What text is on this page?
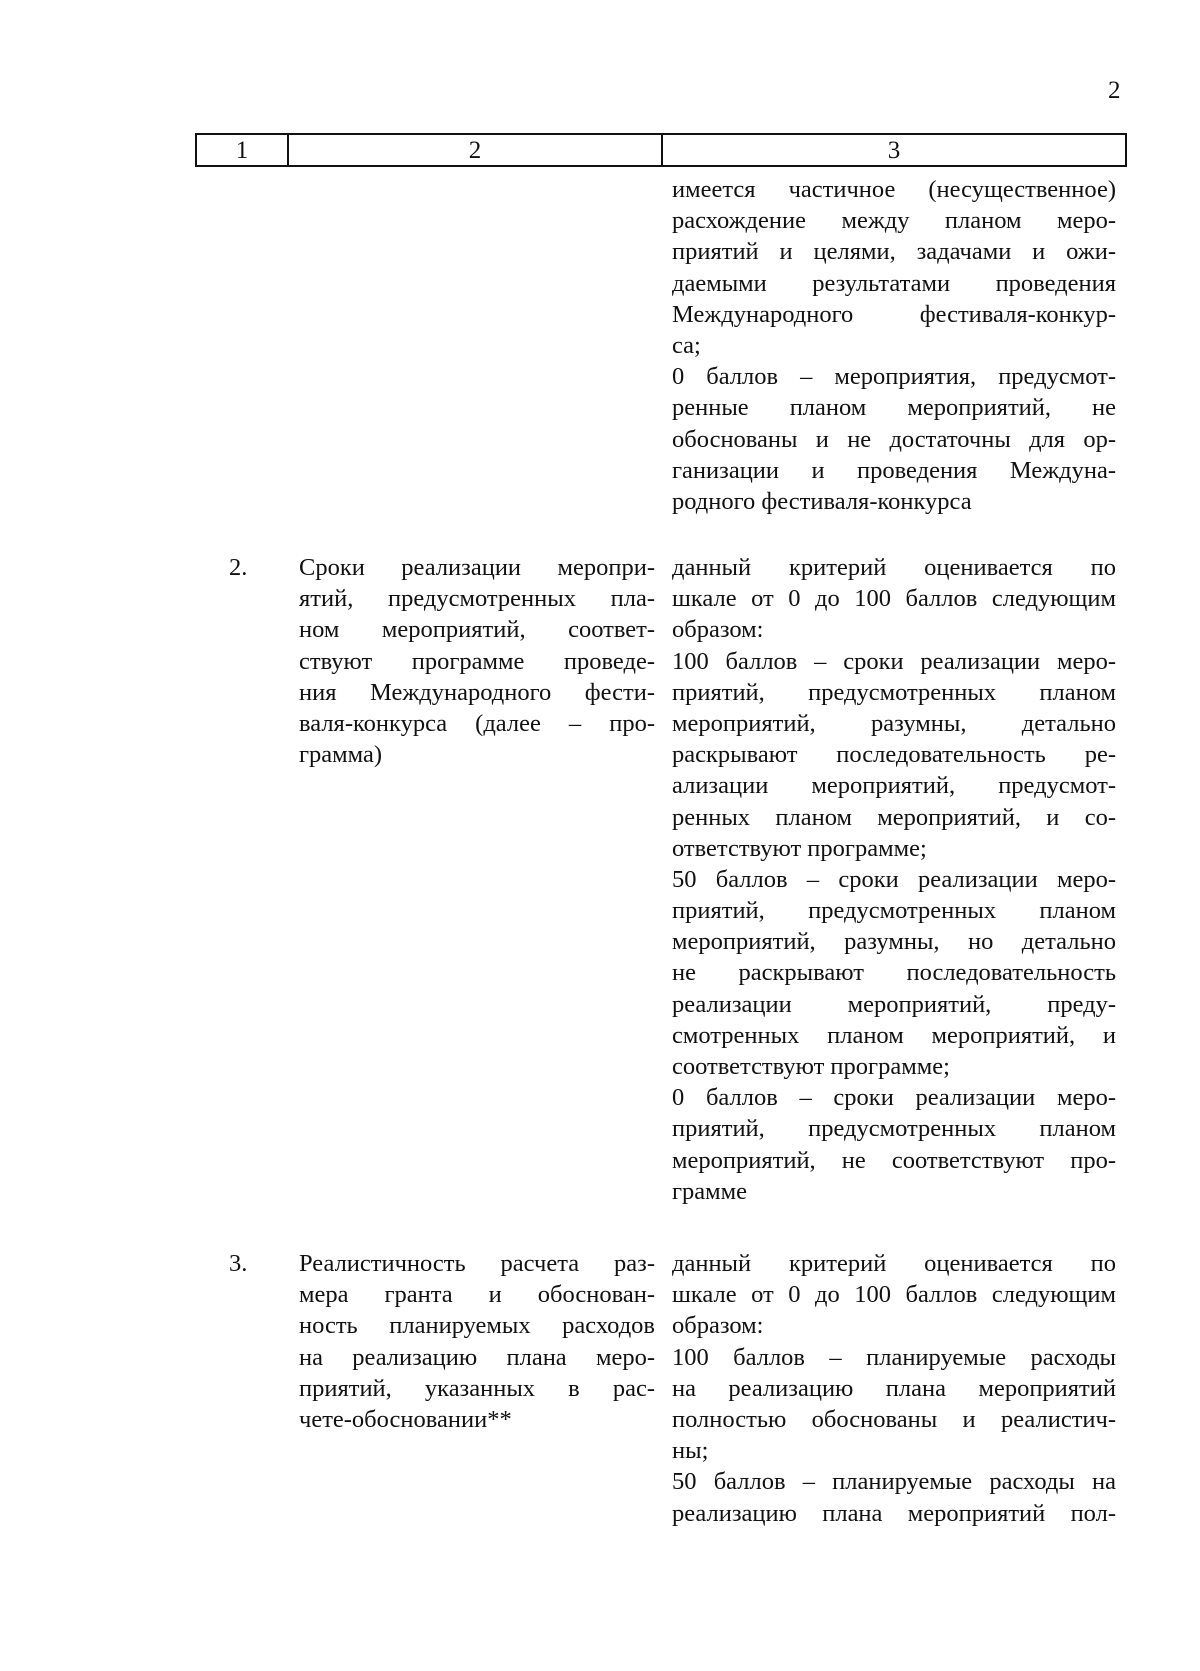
2
1	2	3
имеется частичное (несущественное)
расхождение между планом меро-
приятий и целями, задачами и ожи-
даемыми результатами проведения
Международного фестиваля-конкур-
са;
0 баллов – мероприятия, предусмот-
ренные планом мероприятий, не
обоснованы и не достаточны для ор-
ганизации и проведения Междуна-
родного фестиваля-конкурса
2. Сроки реализации меропри-
ятий, предусмотренных пла-
ном мероприятий, соответ-
ствуют программе проведе-
ния Международного фести-
валя-конкурса (далее – про-
грамма)
данный критерий оценивается по
шкале от 0 до 100 баллов следующим
образом:
100 баллов – сроки реализации меро-
приятий, предусмотренных планом
мероприятий, разумны, детально
раскрывают последовательность ре-
ализации мероприятий, предусмот-
ренных планом мероприятий, и со-
ответствуют программе;
50 баллов – сроки реализации меро-
приятий, предусмотренных планом
мероприятий, разумны, но детально
не раскрывают последовательность
реализации мероприятий, преду-
смотренных планом мероприятий, и
соответствуют программе;
0 баллов – сроки реализации меро-
приятий, предусмотренных планом
мероприятий, не соответствуют про-
грамме
3. Реалистичность расчета раз-
мера гранта и обоснован-
ность планируемых расходов
на реализацию плана меро-
приятий, указанных в рас-
чете-обосновании**
данный критерий оценивается по
шкале от 0 до 100 баллов следующим
образом:
100 баллов – планируемые расходы
на реализацию плана мероприятий
полностью обоснованы и реалистич-
ны;
50 баллов – планируемые расходы на
реализацию плана мероприятий пол-
